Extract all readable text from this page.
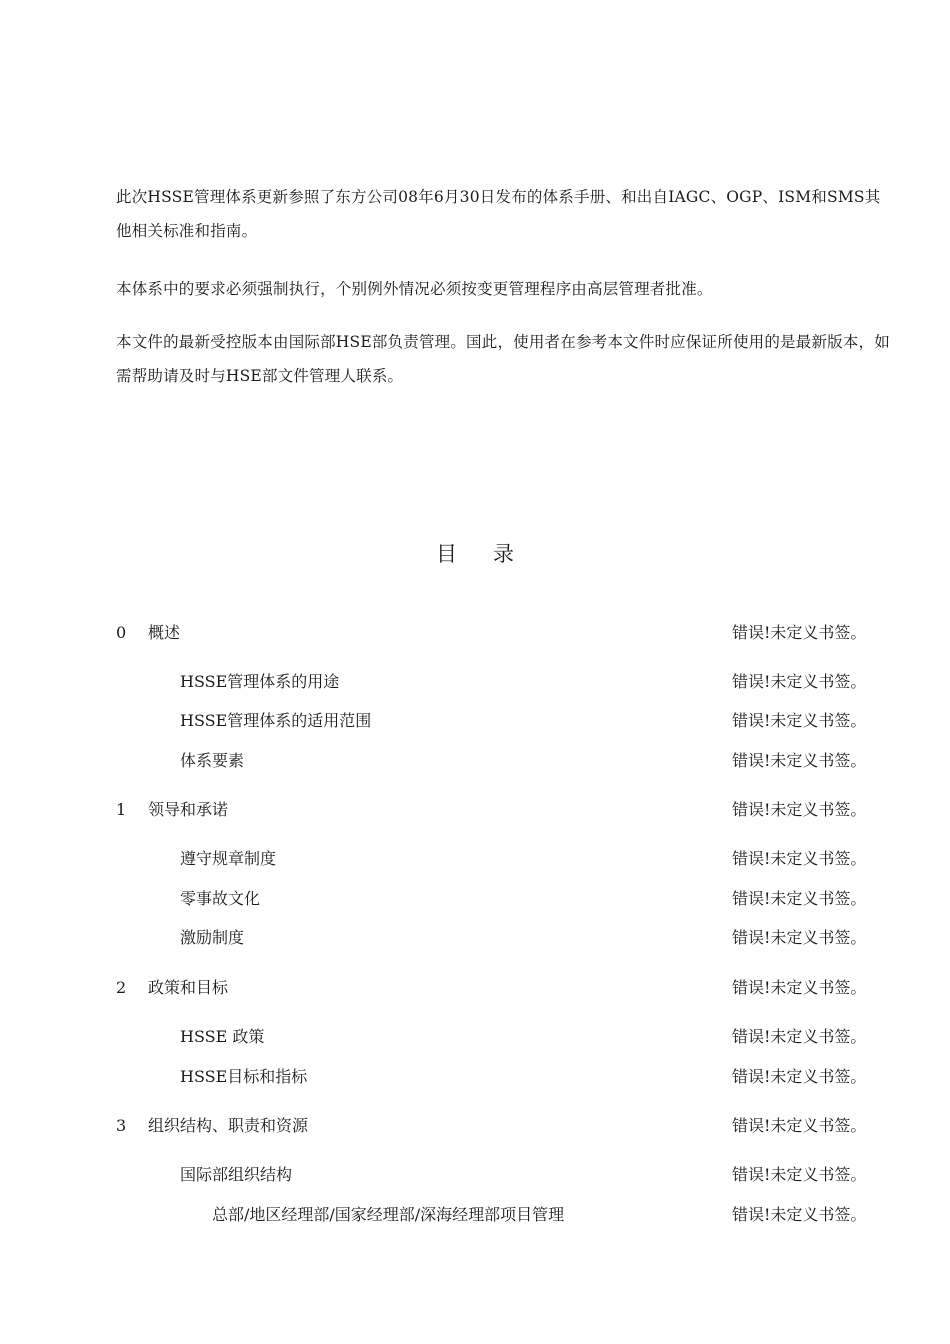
此次HSSE管理体系更新参照了东方公司08年6月30日发布的体系手册、和出自IAGC、OGP、ISM和SMS其他相关标准和指南。

本体系中的要求必须强制执行，个别例外情况必须按变更管理程序由高层管理者批准。

本文件的最新受控版本由国际部HSE部负责管理。国此，使用者在参考本文件时应保证所使用的是最新版本，如需帮助请及时与HSE部文件管理人联系。

目录
0 概述	错误!未定义书签。
HSSE管理体系的用途	错误!未定义书签。
HSSE管理体系的适用范围	错误!未定义书签。
体系要素	错误!未定义书签。
1 领导和承诺	错误!未定义书签。
遵守规章制度	错误!未定义书签。
零事故文化	错误!未定义书签。
激励制度	错误!未定义书签。
2 政策和目标	错误!未定义书签。
HSSE 政策	错误!未定义书签。
HSSE目标和指标	错误!未定义书签。
3 组织结构、职责和资源	错误!未定义书签。
国际部组织结构	错误!未定义书签。
总部/地区经理部/国家经理部/深海经理部项目管理	错误!未定义书签。
